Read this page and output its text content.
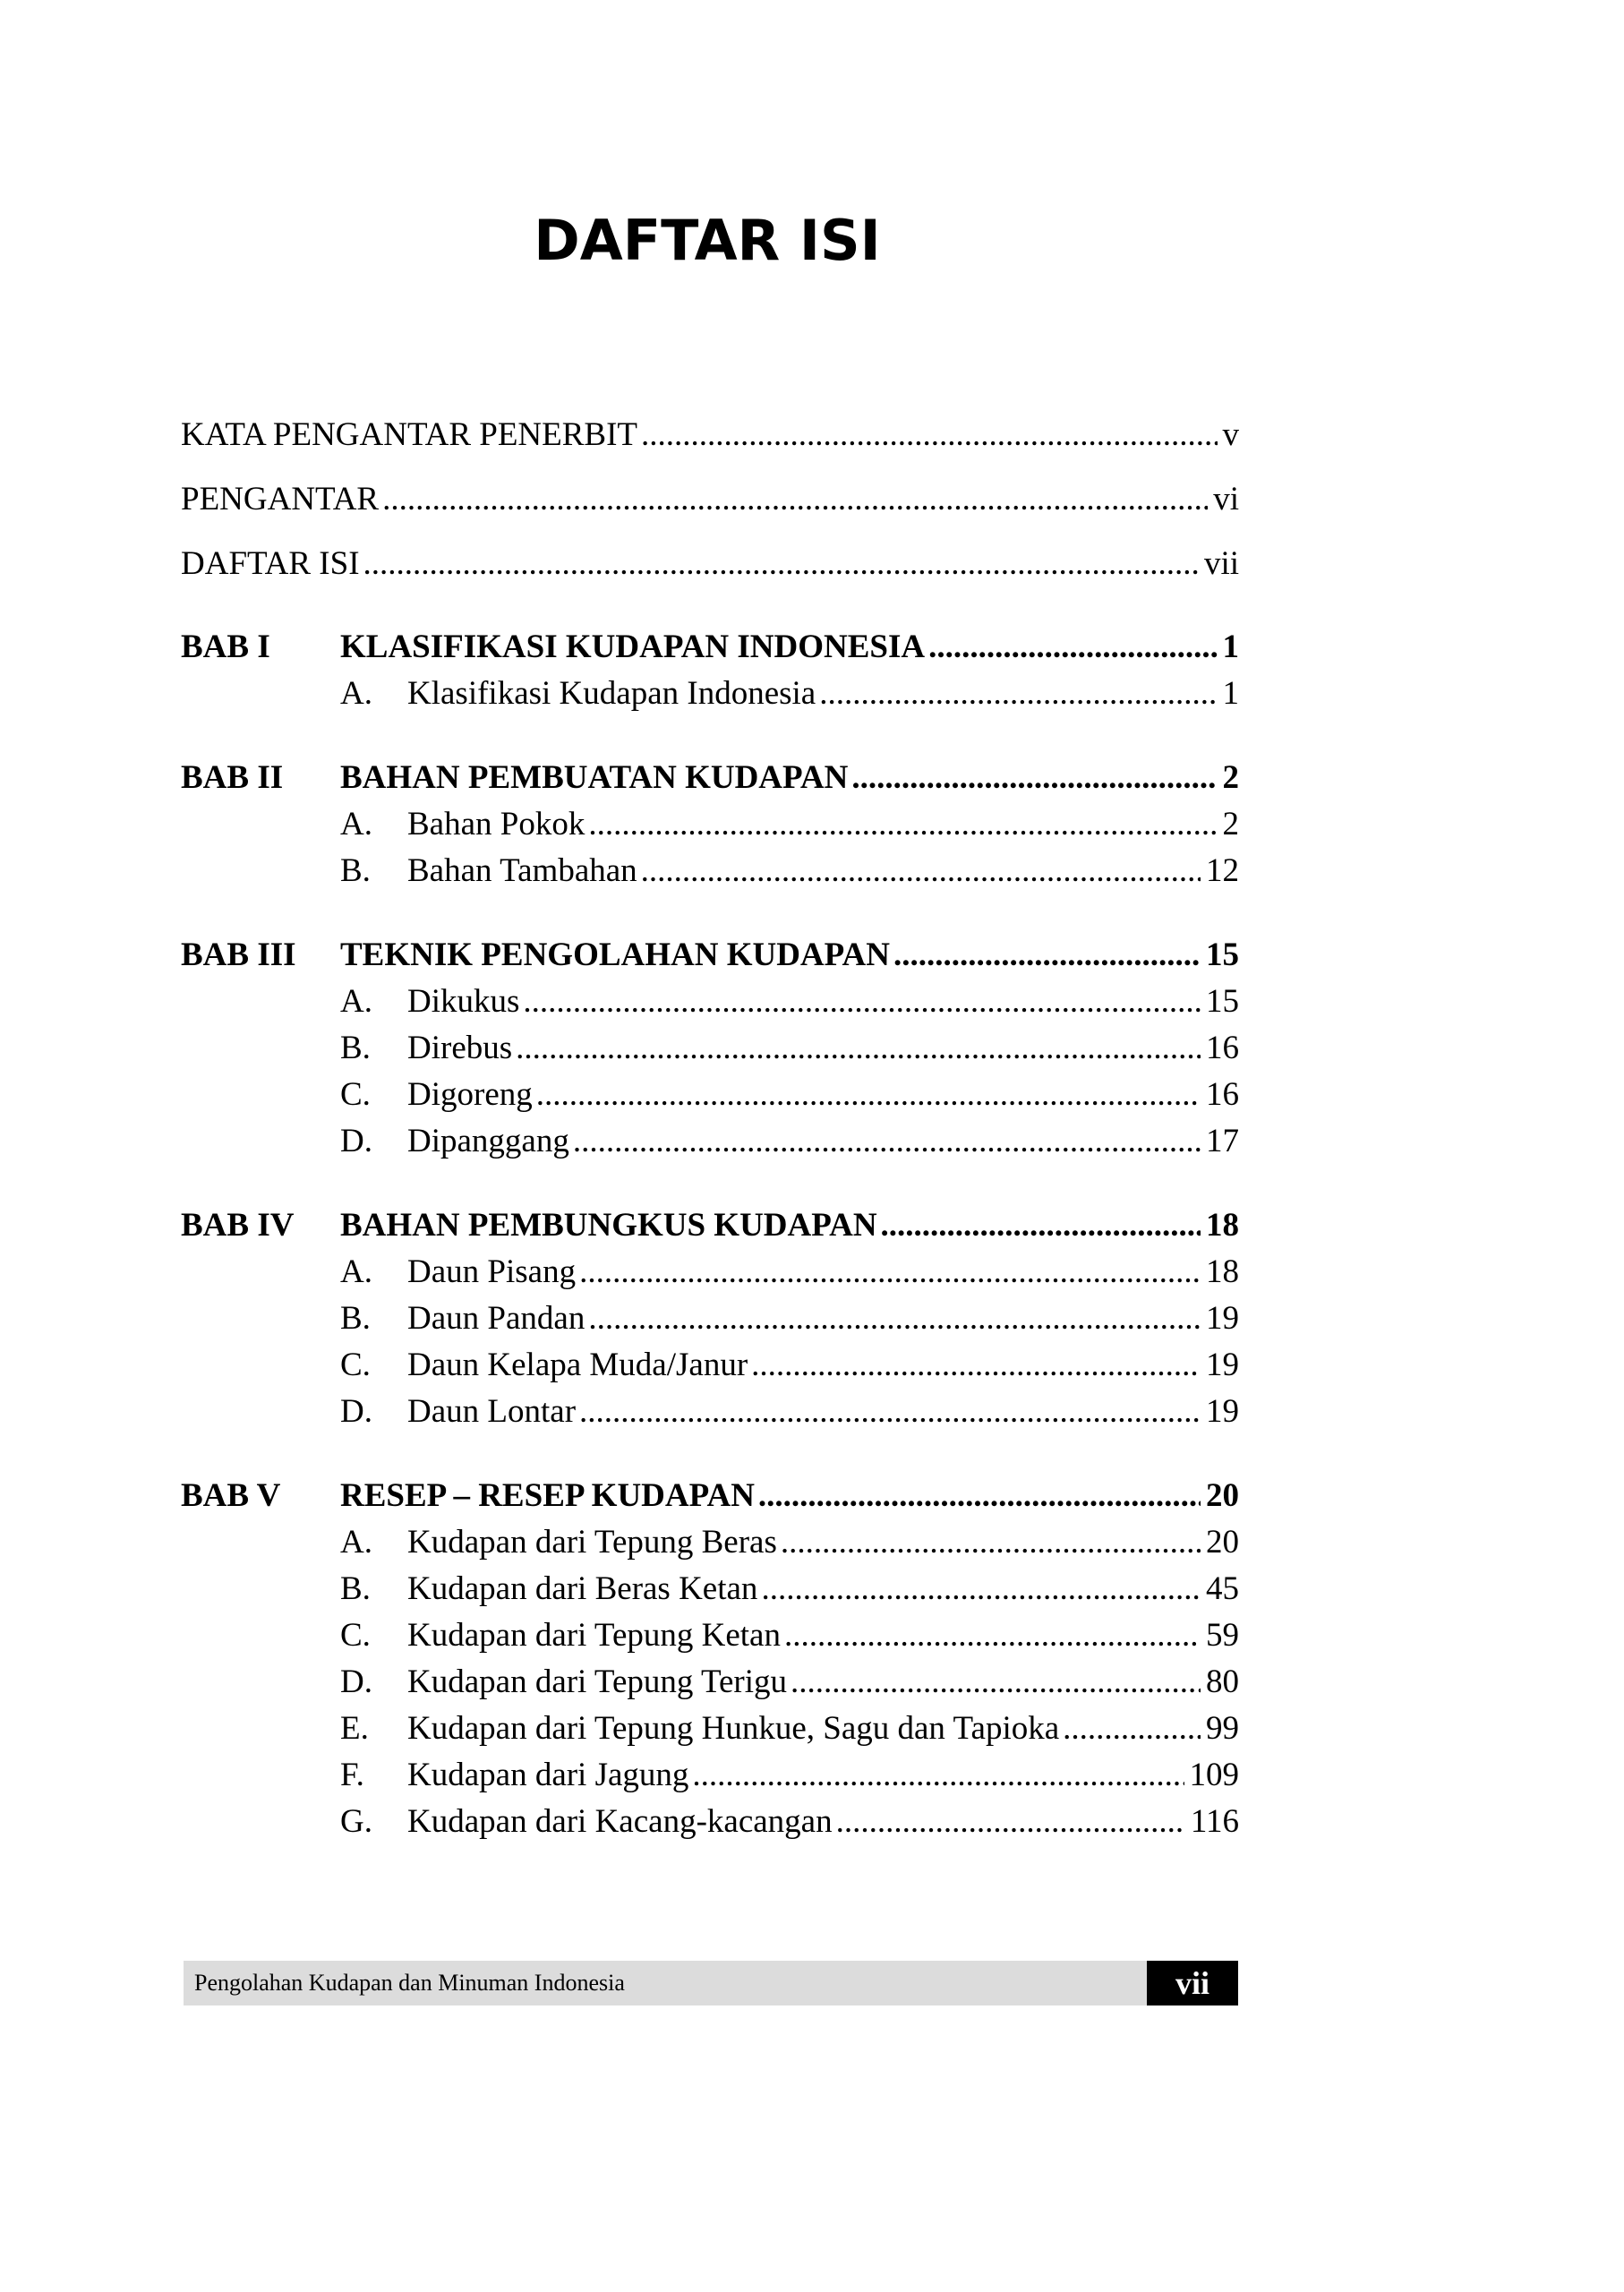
DAFTAR ISI
KATA PENGANTAR PENERBIT .....	v
PENGANTAR .....	vi
DAFTAR ISI .....	vii
BAB I KLASIFIKASI KUDAPAN INDONESIA .....	1
A.	Klasifikasi Kudapan Indonesia .....	1
BAB II BAHAN PEMBUATAN KUDAPAN .....	2
A.	Bahan Pokok .....	2
B.	Bahan Tambahan .....	12
BAB III TEKNIK PENGOLAHAN KUDAPAN .....	15
A.	Dikukus .....	15
B.	Direbus .....	16
C.	Digoreng .....	16
D.	Dipanggang .....	17
BAB IV BAHAN PEMBUNGKUS KUDAPAN .....	18
A.	Daun Pisang .....	18
B.	Daun Pandan .....	19
C.	Daun Kelapa Muda/Janur .....	19
D.	Daun Lontar .....	19
BAB V RESEP – RESEP KUDAPAN .....	20
A.	Kudapan dari Tepung Beras .....	20
B.	Kudapan dari Beras Ketan .....	45
C.	Kudapan dari Tepung Ketan .....	59
D.	Kudapan dari Tepung Terigu .....	80
E.	Kudapan dari Tepung Hunkue, Sagu dan Tapioka .....	99
F.	Kudapan dari Jagung .....	109
G.	Kudapan dari Kacang-kacangan .....	116
Pengolahan Kudapan dan Minuman Indonesia	vii
